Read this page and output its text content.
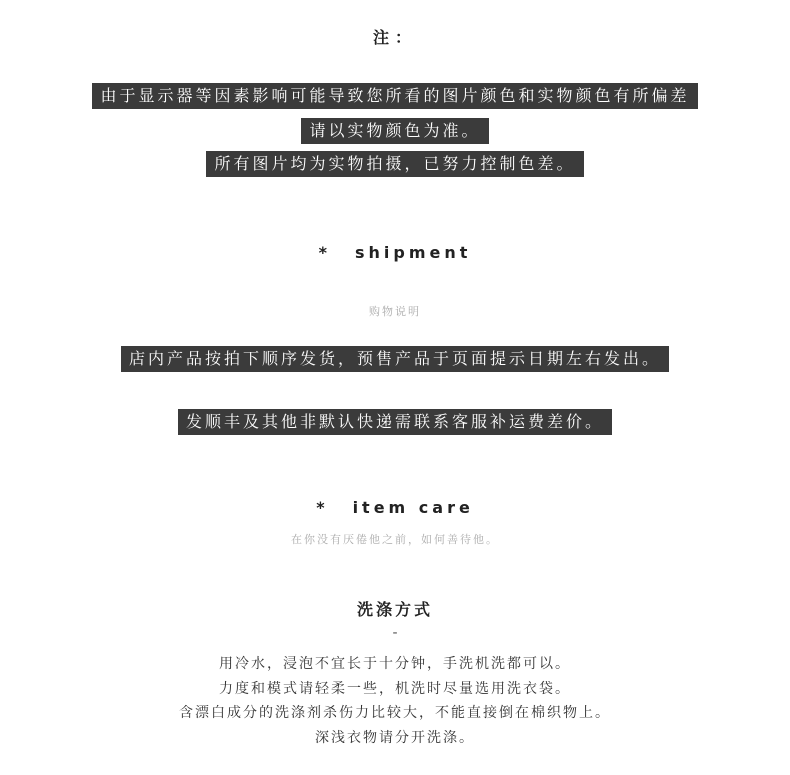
注：
由于显示器等因素影响可能导致您所看的图片颜色和实物颜色有所偏差
请以实物颜色为准。
所有图片均为实物拍摄，已努力控制色差。
* shipment
购物说明
店内产品按拍下顺序发货，预售产品于页面提示日期左右发出。
发顺丰及其他非默认快递需联系客服补运费差价。
* item care
在你没有厌倦他之前，如何善待他。
洗涤方式
-
用冷水，浸泡不宜长于十分钟，手洗机洗都可以。
力度和模式请轻柔一些，机洗时尽量选用洗衣袋。
含漂白成分的洗涤剂杀伤力比较大，不能直接倒在棉织物上。
深浅衣物请分开洗涤。
